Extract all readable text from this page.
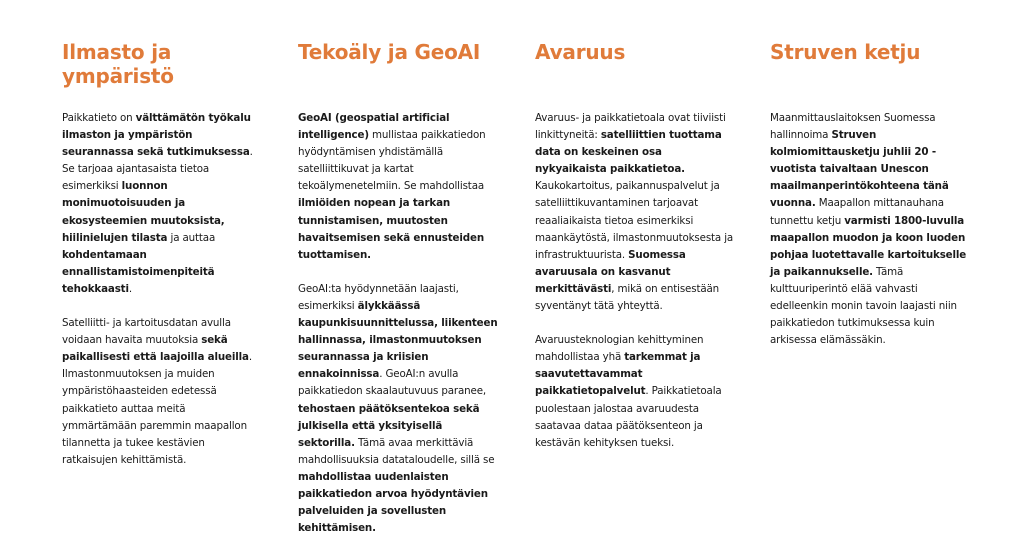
Ilmasto ja ympäristö

Paikkatieto on välttämätön työkalu ilmaston ja ympäristön seurannassa sekä tutkimuksessa. Se tarjoaa ajantasaista tietoa esimerkiksi luonnon monimuotoisuuden ja ekosysteemien muutoksista, hiilinielujen tilasta ja auttaa kohdentamaan ennallistamistoimenpiteitä tehokkaasti.

Satelliitti- ja kartoitusdatan avulla voidaan havaita muutoksia sekä paikallisesti että laajoilla alueilla. Ilmastonmuutoksen ja muiden ympäristöhaasteiden edetessä paikkatieto auttaa meitä ymmärtämään paremmin maapallon tilannetta ja tukee kestävien ratkaisujen kehittämistä.

Tekoäly ja GeoAI

GeoAI (geospatial artificial intelligence) mullistaa paikkatiedon hyödyntämisen yhdistämällä satelliittikuvat ja kartat tekoälymenetelmiin. Se mahdollistaa ilmiöiden nopean ja tarkan tunnistamisen, muutosten havaitsemisen sekä ennusteiden tuottamisen.

GeoAI:ta hyödynnetään laajasti, esimerkiksi älykkäässä kaupunkisuunnittelussa, liikenteen hallinnassa, ilmastonmuutoksen seurannassa ja kriisien ennakoinnissa. GeoAI:n avulla paikkatiedon skaalautuvuus paranee, tehostaen päätöksentekoa sekä julkisella että yksityisellä sektorilla. Tämä avaa merkittäviä mahdollisuuksia datataloudelle, sillä se mahdollistaa uudenlaisten paikkatiedon arvoa hyödyntävien palveluiden ja sovellusten kehittämisen.

Avaruus

Avaruus- ja paikkatietoala ovat tiiviisti linkittyneitä: satelliittien tuottama data on keskeinen osa nykyaikaista paikkatietoa. Kaukokartoitus, paikannuspalvelut ja satelliittikuvantaminen tarjoavat reaaliaikaista tietoa esimerkiksi maankäytöstä, ilmastonmuutoksesta ja infrastruktuurista. Suomessa avaruusala on kasvanut merkittävästi, mikä on entisestään syventänyt tätä yhteyttä.

Avaruusteknologian kehittyminen mahdollistaa yhä tarkemmat ja saavutettavammat paikkatietopalvelut. Paikkatietoala puolestaan jalostaa avaruudesta saatavaa dataa päätöksenteon ja kestävän kehityksen tueksi.

Struven ketju

Maanmittauslaitoksen Suomessa hallinnoima Struven kolmiomittausketju juhlii 20 -vuotista taivaltaan Unescon maailmanperintökohteena tänä vuonna. Maapallon mittanauhana tunnettu ketju varmisti 1800-luvulla maapallon muodon ja koon luoden pohjaa luotettavalle kartoitukselle ja paikannukselle. Tämä kulttuuriperintö elää vahvasti edelleenkin monin tavoin laajasti niin paikkatiedon tutkimuksessa kuin arkisessa elämässäkin.
